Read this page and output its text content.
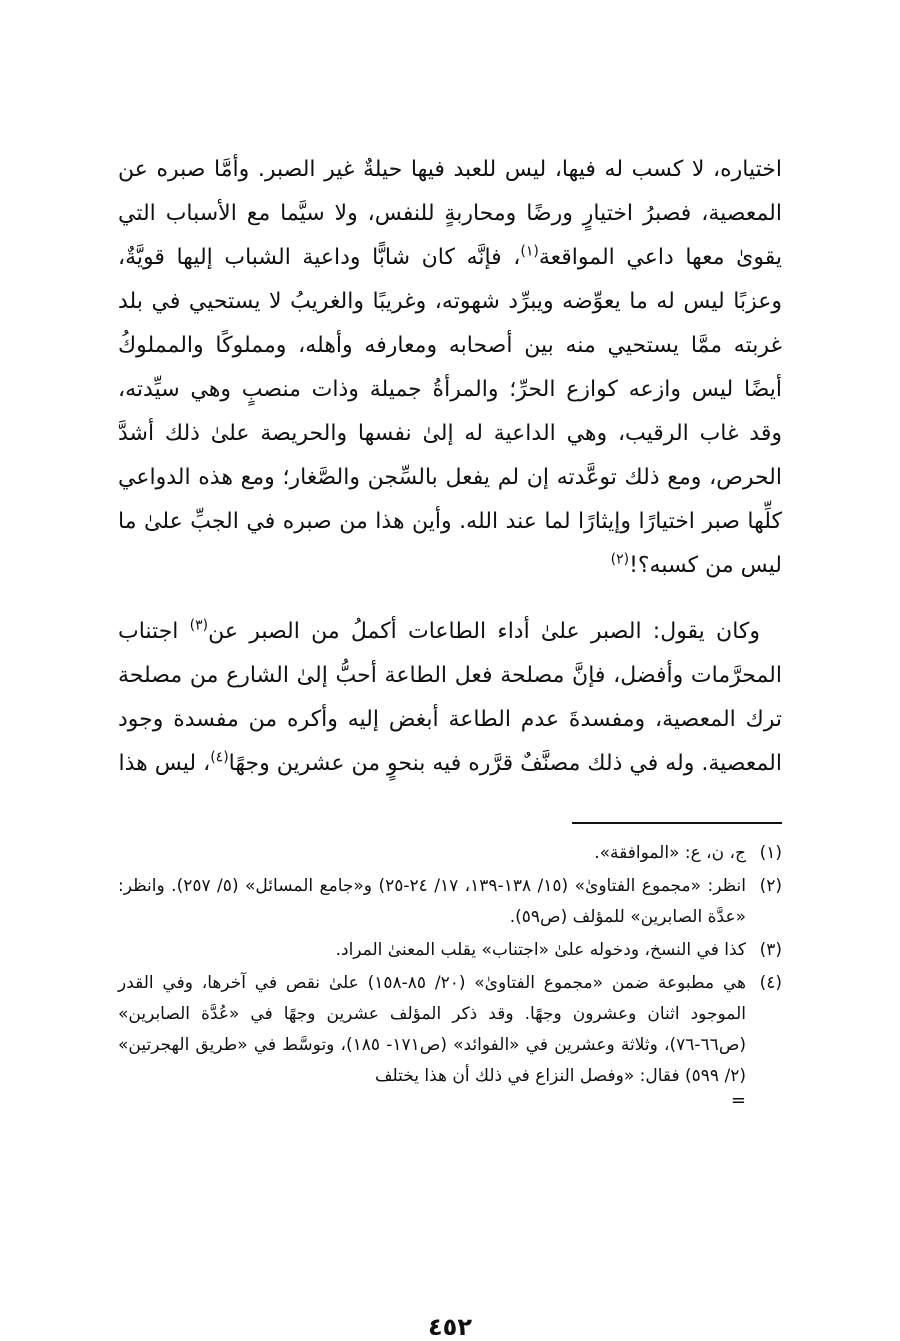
اختياره، لا كسب له فيها، ليس للعبد فيها حيلةٌ غير الصبر. وأمَّا صبره عن المعصية، فصبرُ اختيارٍ ورضًا ومحاربةٍ للنفس، ولا سيَّما مع الأسباب التي يقوىٰ معها داعي المواقعة$^{(١)}$، فإنَّه كان شابًّا وداعية الشباب إليها قويَّةٌ، وعزبًا ليس له ما يعوِّضه ويبرِّد شهوته، وغريبًا والغريبُ لا يستحيي في بلد غربته ممَّا يستحيي منه بين أصحابه ومعارفه وأهله، ومملوكًا والمملوكُ أيضًا ليس وازعه كوازع الحرِّ؛ والمرأةُ جميلة وذات منصبٍ وهي سيِّدته، وقد غاب الرقيب، وهي الداعية له إلىٰ نفسها والحريصة علىٰ ذلك أشدَّ الحرص، ومع ذلك توعَّدته إن لم يفعل بالسِّجن والصَّغار؛ ومع هذه الدواعي كلِّها صبر اختيارًا وإيثارًا لما عند الله. وأين هذا من صبره في الجبِّ علىٰ ما ليس من كسبه؟!$^{(٢)}$

وكان يقول: الصبر علىٰ أداء الطاعات أكملُ من الصبر عن$^{(٣)}$ اجتناب المحرَّمات وأفضل، فإنَّ مصلحة فعل الطاعة أحبُّ إلىٰ الشارع من مصلحة ترك المعصية، ومفسدةَ عدم الطاعة أبغض إليه وأكره من مفسدة وجود المعصية. وله في ذلك مصنَّفٌ قرَّره فيه بنحوٍ من عشرين وجهًا$^{(٤)}$، ليس هذا

(١)
ج، ن، ع: «الموافقة».
(٢)
انظر: «مجموع الفتاوىٰ» (١٥/ ١٣٨-١٣٩، ١٧/ ٢٤-٢٥) و«جامع المسائل» (٥/ ٢٥٧). وانظر: «عدَّة الصابرين» للمؤلف (ص٥٩).
(٣)
كذا في النسخ، ودخوله علىٰ «اجتناب» يقلب المعنىٰ المراد.
(٤)
هي مطبوعة ضمن «مجموع الفتاوىٰ» (٢٠/ ٨٥-١٥٨) علىٰ نقص في آخرها، وفي القدر الموجود اثنان وعشرون وجهًا. وقد ذكر المؤلف عشرين وجهًا في «عُدَّة الصابرين» (ص٦٦-٧٦)، وثلاثة وعشرين في «الفوائد» (ص١٧١- ١٨٥)، وتوسَّط في «طريق الهجرتين» (٢/ ٥٩٩) فقال: «وفصل النزاع في ذلك أن هذا يختلف
=
٤٥٢
